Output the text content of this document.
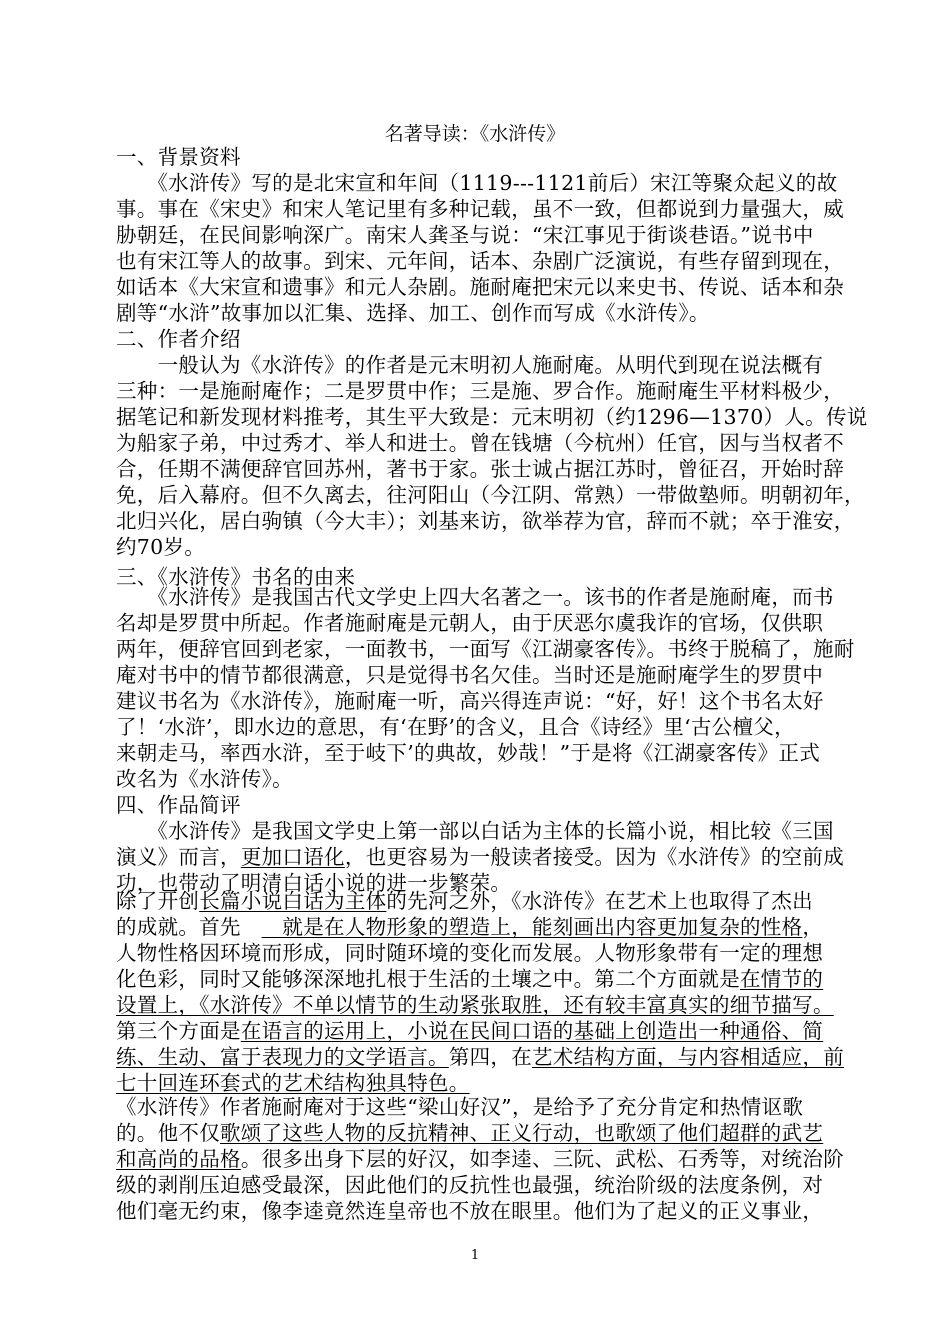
名著导读：《水浒传》
一、背景资料
　　《水浒传》写的是北宋宣和年间（1119---1121前后）宋江等聚众起义的故
事。事在《宋史》和宋人笔记里有多种记载，虽不一致，但都说到力量强大，威
胁朝廷，在民间影响深广。南宋人龚圣与说：“宋江事见于街谈巷语。”说书中
也有宋江等人的故事。到宋、元年间，话本、杂剧广泛演说，有些存留到现在，
如话本《大宋宣和遗事》和元人杂剧。施耐庵把宋元以来史书、传说、话本和杂
剧等“水浒”故事加以汇集、选择、加工、创作而写成《水浒传》。
二、作者介绍
　　一般认为《水浒传》的作者是元末明初人施耐庵。从明代到现在说法概有
三种：一是施耐庵作；二是罗贯中作；三是施、罗合作。施耐庵生平材料极少，
据笔记和新发现材料推考，其生平大致是：元末明初（约1296—1370）人。传说
为船家子弟，中过秀才、举人和进士。曾在钱塘（今杭州）任官，因与当权者不
合，任期不满便辞官回苏州，著书于家。张士诚占据江苏时，曾征召，开始时辞
免，后入幕府。但不久离去，往河阳山（今江阴、常熟）一带做塾师。明朝初年，
北归兴化，居白驹镇（今大丰）；刘基来访，欲举荐为官，辞而不就；卒于淮安，
约70岁。
三、《水浒传》书名的由来
　　《水浒传》是我国古代文学史上四大名著之一。该书的作者是施耐庵，而书
名却是罗贯中所起。作者施耐庵是元朝人，由于厌恶尔虞我诈的官场，仅供职
两年，便辞官回到老家，一面教书，一面写《江湖豪客传》。书终于脱稿了，施耐
庵对书中的情节都很满意，只是觉得书名欠佳。当时还是施耐庵学生的罗贯中
建议书名为《水浒传》，施耐庵一听，高兴得连声说：“好，好！这个书名太好
了！‘水浒’，即水边的意思，有‘在野’的含义，且合《诗经》里‘古公檀父，
来朝走马，率西水浒，至于岐下’的典故，妙哉！”于是将《江湖豪客传》正式
改名为《水浒传》。
四、作品简评
　　《水浒传》是我国文学史上第一部以白话为主体的长篇小说，相比较《三国
演义》而言，更加口语化，也更容易为一般读者接受。因为《水浒传》的空前成
功，也带动了明清白话小说的进一步繁荣。
除了开创长篇小说白话为主体的先河之外，《水浒传》在艺术上也取得了杰出
的成就。首先　　就是在人物形象的塑造上，能刻画出内容更加复杂的性格，
人物性格因环境而形成，同时随环境的变化而发展。人物形象带有一定的理想
化色彩，同时又能够深深地扎根于生活的土壤之中。第二个方面就是在情节的
设置上，《水浒传》不单以情节的生动紧张取胜，还有较丰富真实的细节描写。
第三个方面是在语言的运用上，小说在民间口语的基础上创造出一种通俗、简
练、生动、富于表现力的文学语言。第四，在艺术结构方面，与内容相适应，前
七十回连环套式的艺术结构独具特色。
《水浒传》作者施耐庵对于这些“梁山好汉”，是给予了充分肯定和热情讴歌
的。他不仅歌颂了这些人物的反抗精神、正义行动，也歌颂了他们超群的武艺
和高尚的品格。很多出身下层的好汉，如李逵、三阮、武松、石秀等，对统治阶
级的剥削压迫感受最深，因此他们的反抗性也最强，统治阶级的法度条例，对
他们毫无约束，像李逵竟然连皇帝也不放在眼里。他们为了起义的正义事业，
1
